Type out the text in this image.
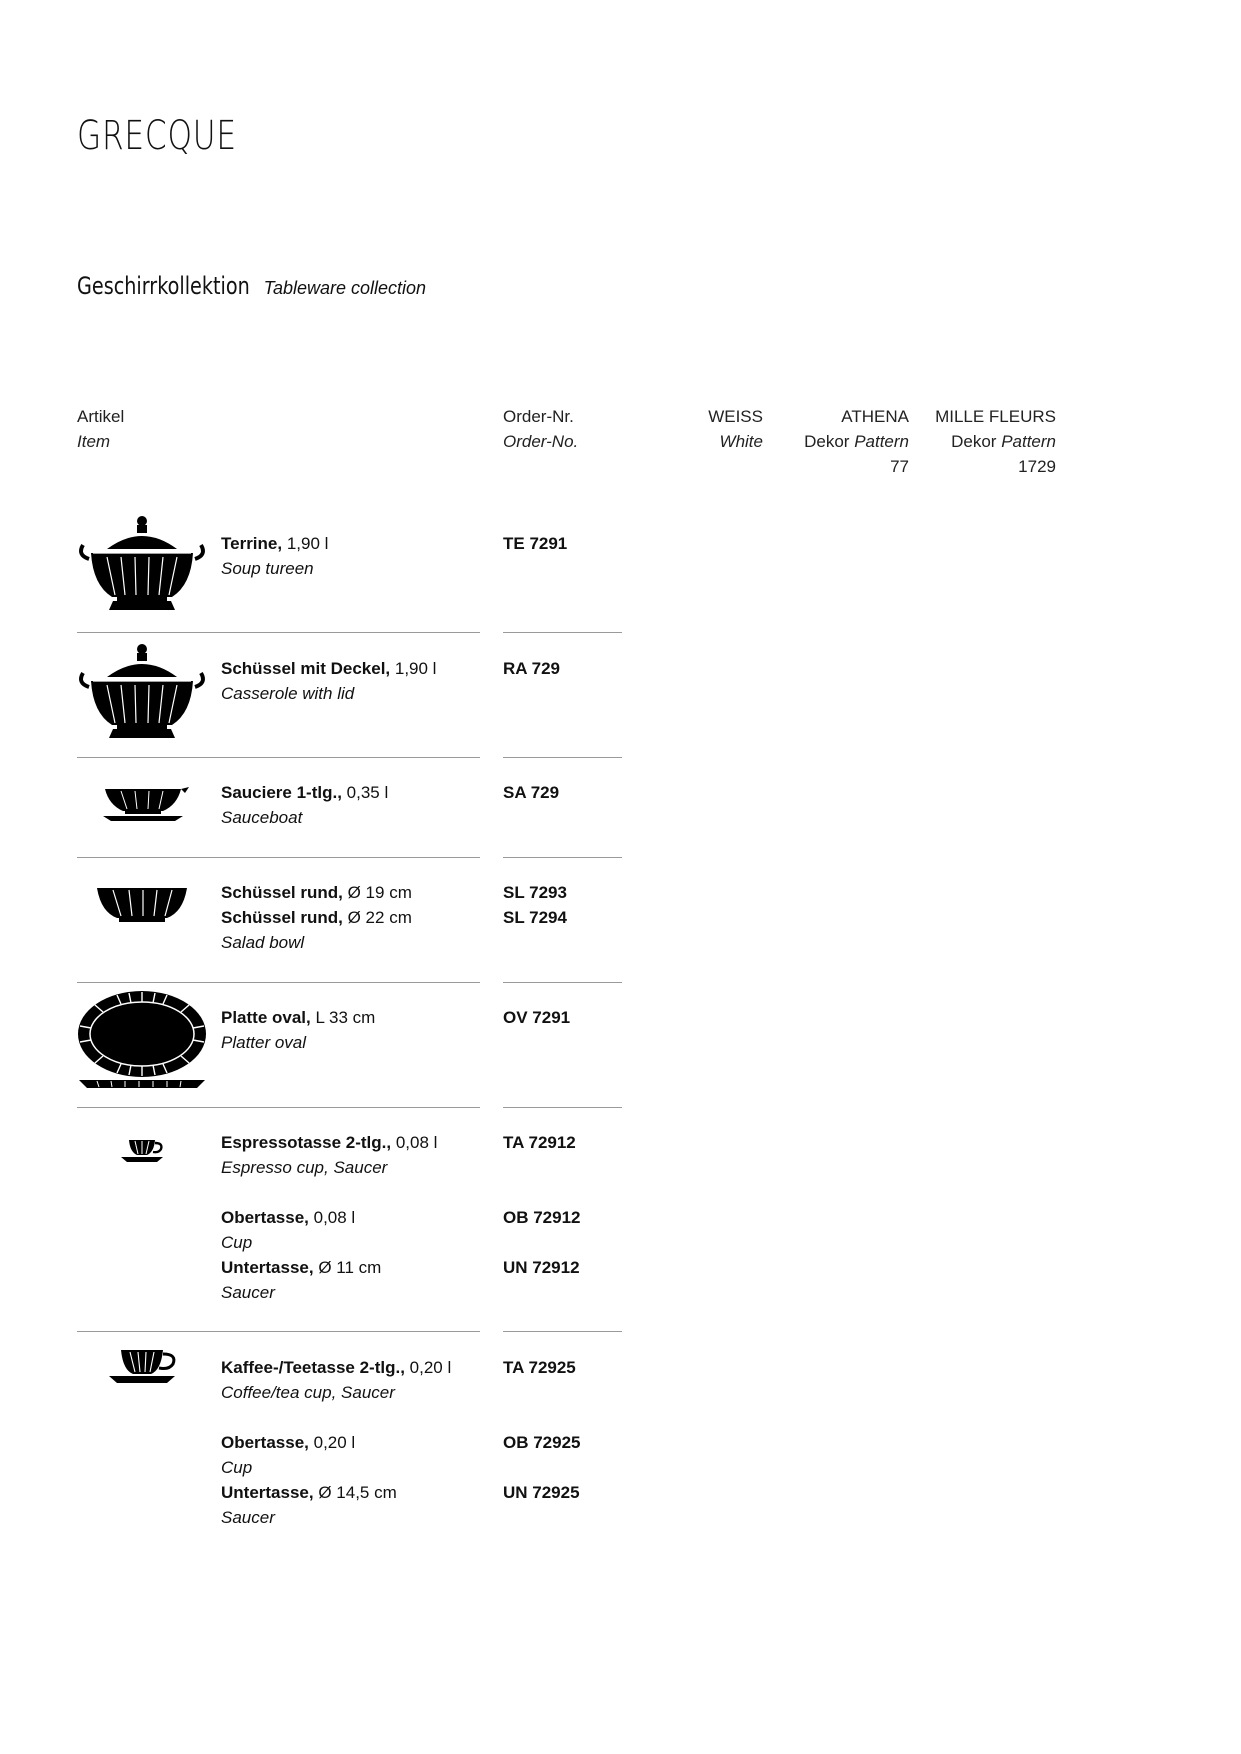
GRECQUE
Geschirrkollektion Tableware collection
Artikel
Item
Order-Nr.
Order-No.
WEISS
White
ATHENA
Dekor Pattern
77
MILLE FLEURS
Dekor Pattern
1729
Terrine, 1,90 l
Soup tureen
TE 7291
Schüssel mit Deckel, 1,90 l
Casserole with lid
RA 729
Sauciere 1-tlg., 0,35 l
Sauceboat
SA 729
Schüssel rund, Ø 19 cm
Schüssel rund, Ø 22 cm
Salad bowl
SL 7293
SL 7294
Platte oval, L 33 cm
Platter oval
OV 7291
Espressotasse 2-tlg., 0,08 l
Espresso cup, Saucer
Obertasse, 0,08 l
Cup
Untertasse, Ø 11 cm
Saucer
TA 72912
OB 72912
UN 72912
Kaffee-/Teetasse 2-tlg., 0,20 l
Coffee/tea cup, Saucer
Obertasse, 0,20 l
Cup
Untertasse, Ø 14,5 cm
Saucer
TA 72925
OB 72925
UN 72925
